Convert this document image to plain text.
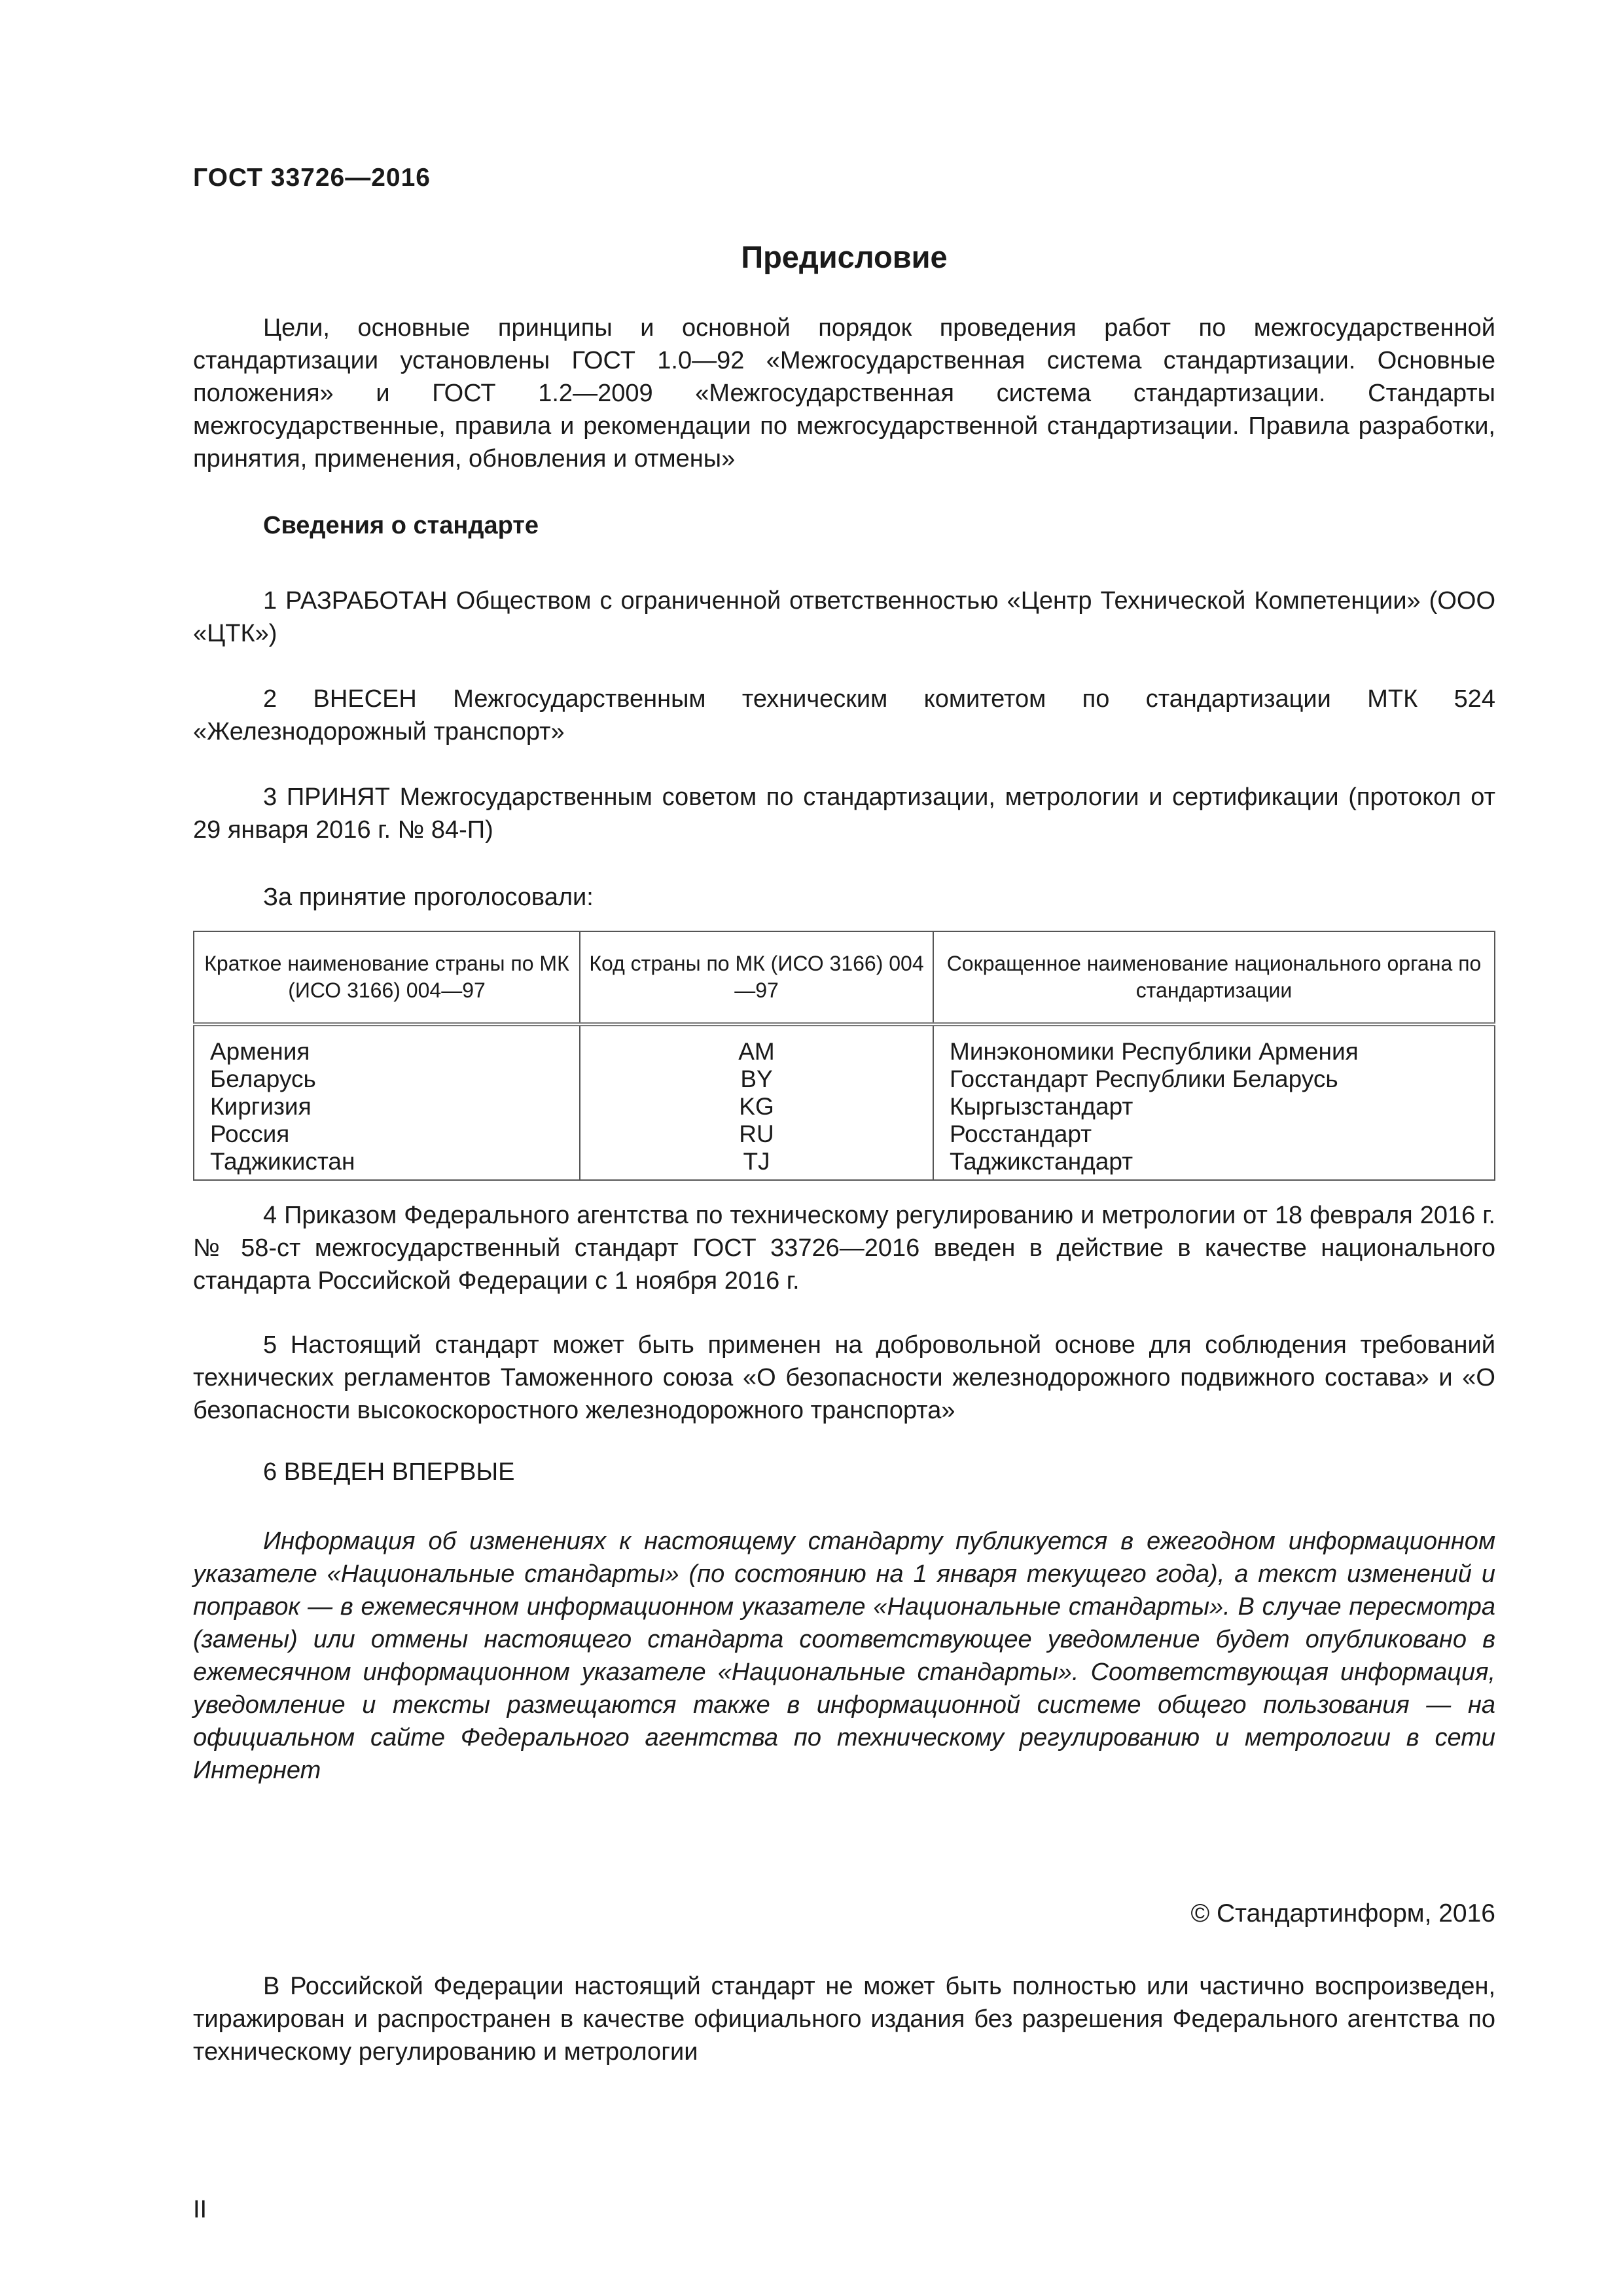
ГОСТ 33726—2016
Предисловие

Цели, основные принципы и основной порядок проведения работ по межгосударственной стандартизации установлены ГОСТ 1.0—92 «Межгосударственная система стандартизации. Основные положения» и ГОСТ 1.2—2009 «Межгосударственная система стандартизации. Стандарты межгосударственные, правила и рекомендации по межгосударственной стандартизации. Правила разработки, принятия, применения, обновления и отмены»

Сведения о стандарте

1 РАЗРАБОТАН Обществом с ограниченной ответственностью «Центр Технической Компетенции» (ООО «ЦТК»)

2 ВНЕСЕН Межгосударственным техническим комитетом по стандартизации МТК 524 «Железнодорожный транспорт»

3 ПРИНЯТ Межгосударственным советом по стандартизации, метрологии и сертификации (протокол от 29 января 2016 г. № 84-П)

За принятие проголосовали:
Краткое наименование страны по МК (ИСО 3166) 004—97	Код страны по МК (ИСО 3166) 004—97	Сокращенное наименование национального органа по стандартизации
Армения	AM	Минэкономики Республики Армения
Беларусь	BY	Госстандарт Республики Беларусь
Киргизия	KG	Кыргызстандарт
Россия	RU	Росстандарт
Таджикистан	TJ	Таджикстандарт

4 Приказом Федерального агентства по техническому регулированию и метрологии от 18 февраля 2016 г. № 58-ст межгосударственный стандарт ГОСТ 33726—2016 введен в действие в качестве национального стандарта Российской Федерации с 1 ноября 2016 г.

5 Настоящий стандарт может быть применен на добровольной основе для соблюдения требований технических регламентов Таможенного союза «О безопасности железнодорожного подвижного состава» и «О безопасности высокоскоростного железнодорожного транспорта»

6 ВВЕДЕН ВПЕРВЫЕ

Информация об изменениях к настоящему стандарту публикуется в ежегодном информационном указателе «Национальные стандарты» (по состоянию на 1 января текущего года), а текст изменений и поправок — в ежемесячном информационном указателе «Национальные стандарты». В случае пересмотра (замены) или отмены настоящего стандарта соответствующее уведомление будет опубликовано в ежемесячном информационном указателе «Национальные стандарты». Соответствующая информация, уведомление и тексты размещаются также в информационной системе общего пользования — на официальном сайте Федерального агентства по техническому регулированию и метрологии в сети Интернет

© Стандартинформ, 2016

В Российской Федерации настоящий стандарт не может быть полностью или частично воспроизведен, тиражирован и распространен в качестве официального издания без разрешения Федерального агентства по техническому регулированию и метрологии

II
